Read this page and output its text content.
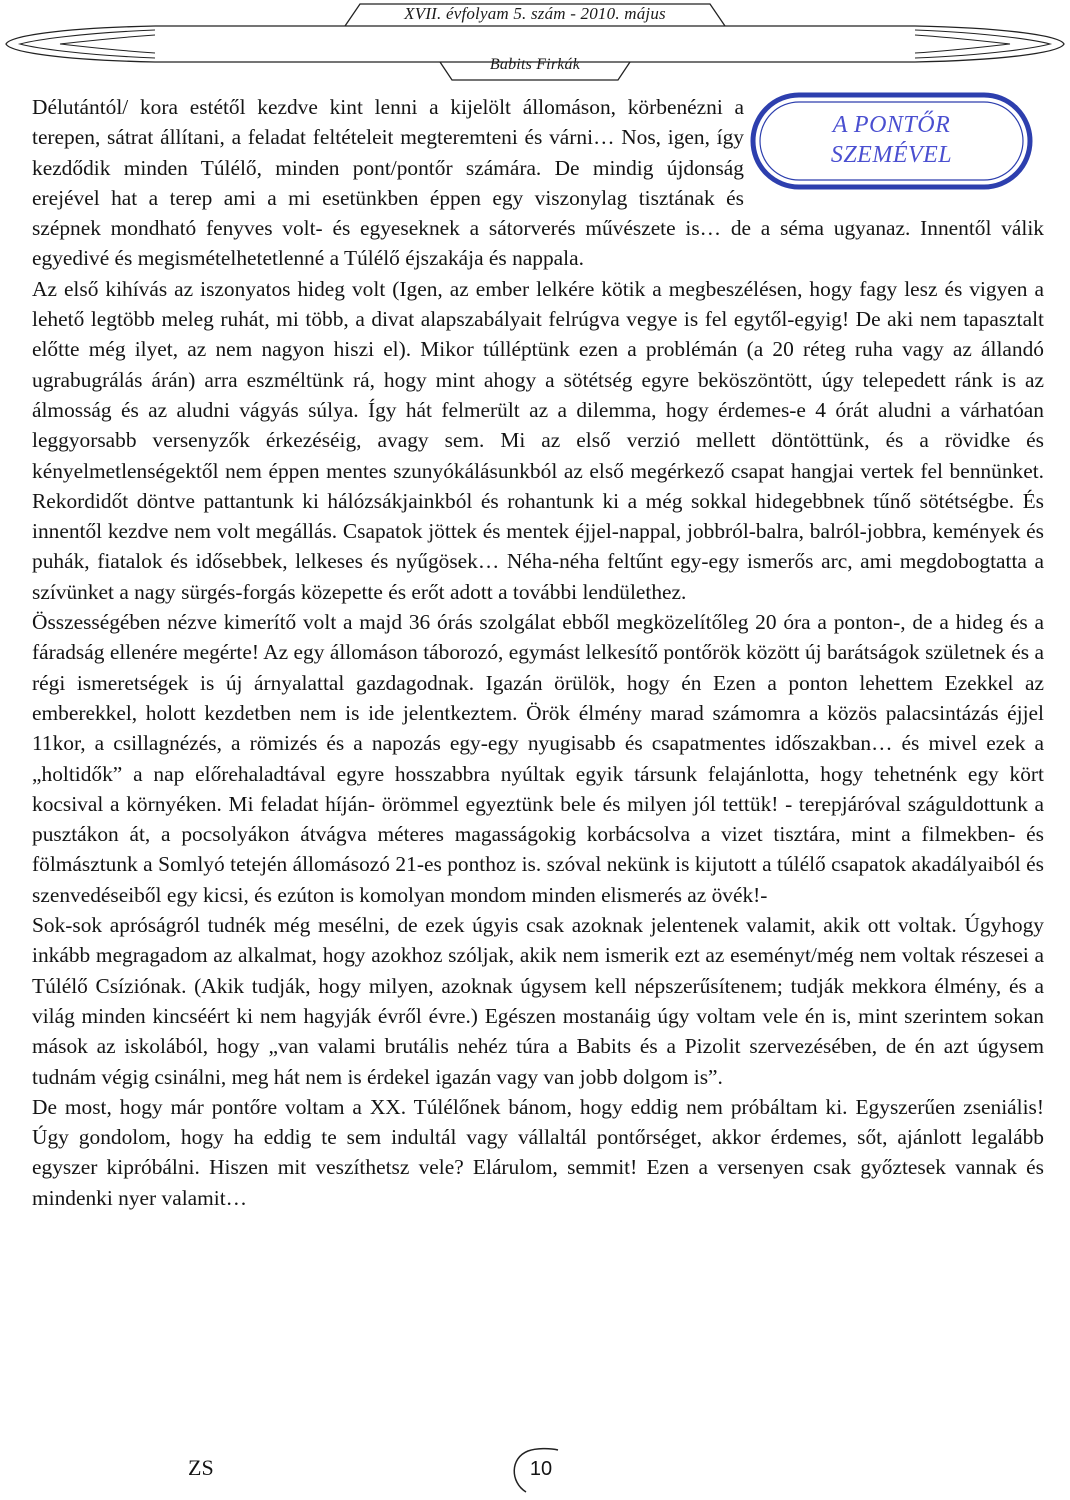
XVII. évfolyam 5. szám - 2010. május
Babits Firkák
A PONTŐR
SZEMÉVEL

Délutántól/ kora estétől kezdve kint lenni a kijelölt állomáson, körbenézni a terepen, sátrat állítani, a feladat feltételeit megteremteni és várni… Nos, igen, így kezdődik minden Túlélő, minden pont/pontőr számára. De mindig újdonság erejével hat a terep ami a mi esetünkben éppen egy viszonylag tisztának és szépnek mondható fenyves volt- és egyeseknek a sátorverés művészete is… de a séma ugyanaz. Innentől válik egyedivé és megismételhetetlenné a Túlélő éjszakája és nappala.

Az első kihívás az iszonyatos hideg volt (Igen, az ember lelkére kötik a megbeszélésen, hogy fagy lesz és vigyen a lehető legtöbb meleg ruhát, mi több, a divat alapszabályait felrúgva vegye is fel egytől-egyig! De aki nem tapasztalt előtte még ilyet, az nem nagyon hiszi el). Mikor túlléptünk ezen a problémán (a 20 réteg ruha vagy az állandó ugrabugrálás árán) arra eszméltünk rá, hogy mint ahogy a sötétség egyre beköszöntött, úgy telepedett ránk is az álmosság és az aludni vágyás súlya. Így hát felmerült az a dilemma, hogy érdemes-e 4 órát aludni a várhatóan leggyorsabb versenyzők érkezéséig, avagy sem. Mi az első verzió mellett döntöttünk, és a rövidke és kényelmetlenségektől nem éppen mentes szunyókálásunkból az első megérkező csapat hangjai vertek fel bennünket. Rekordidőt döntve pattantunk ki hálózsákjainkból és rohantunk ki a még sokkal hidegebbnek tűnő sötétségbe. És innentől kezdve nem volt megállás. Csapatok jöttek és mentek éjjel-nappal, jobbról-balra, balról-jobbra, kemények és puhák, fiatalok és idősebbek, lelkeses és nyűgösek… Néha-néha feltűnt egy-egy ismerős arc, ami megdobogtatta a szívünket a nagy sürgés-forgás közepette és erőt adott a további lendülethez.

Összességében nézve kimerítő volt a majd 36 órás szolgálat ebből megközelítőleg 20 óra a ponton-, de a hideg és a fáradság ellenére megérte! Az egy állomáson táborozó, egymást lelkesítő pontőrök között új barátságok születnek és a régi ismeretségek is új árnyalattal gazdagodnak. Igazán örülök, hogy én Ezen a ponton lehettem Ezekkel az emberekkel, holott kezdetben nem is ide jelentkeztem. Örök élmény marad számomra a közös palacsintázás éjjel 11kor, a csillagnézés, a römizés és a napozás egy-egy nyugisabb és csapatmentes időszakban… és mivel ezek a „holtidők” a nap előrehaladtával egyre hosszabbra nyúltak egyik társunk felajánlotta, hogy tehetnénk egy kört kocsival a környéken. Mi feladat híján- örömmel egyeztünk bele és milyen jól tettük! - terepjáróval száguldottunk a pusztákon át, a pocsolyákon átvágva méteres magasságokig korbácsolva a vizet tisztára, mint a filmekben- és fölmásztunk a Somlyó tetején állomásozó 21-es ponthoz is. szóval nekünk is kijutott a túlélő csapatok akadályaiból és szenvedéseiből egy kicsi, és ezúton is komolyan mondom minden elismerés az övék!-

Sok-sok apróságról tudnék még mesélni, de ezek úgyis csak azoknak jelentenek valamit, akik ott voltak. Úgyhogy inkább megragadom az alkalmat, hogy azokhoz szóljak, akik nem ismerik ezt az eseményt/még nem voltak részesei a Túlélő Csíziónak. (Akik tudják, hogy milyen, azoknak úgysem kell népszerűsítenem; tudják mekkora élmény, és a világ minden kincséért ki nem hagyják évről évre.) Egészen mostanáig úgy voltam vele én is, mint szerintem sokan mások az iskolából, hogy „van valami brutális nehéz túra a Babits és a Pizolit szervezésében, de én azt úgysem tudnám végig csinálni, meg hát nem is érdekel igazán vagy van jobb dolgom is”.

De most, hogy már pontőre voltam a XX. Túlélőnek bánom, hogy eddig nem próbáltam ki. Egyszerűen zseniális! Úgy gondolom, hogy ha eddig te sem indultál vagy vállaltál pontőrséget, akkor érdemes, sőt, ajánlott legalább egyszer kipróbálni. Hiszen mit veszíthetsz vele? Elárulom, semmit! Ezen a versenyen csak győztesek vannak és mindenki nyer valamit…

ZS	10
